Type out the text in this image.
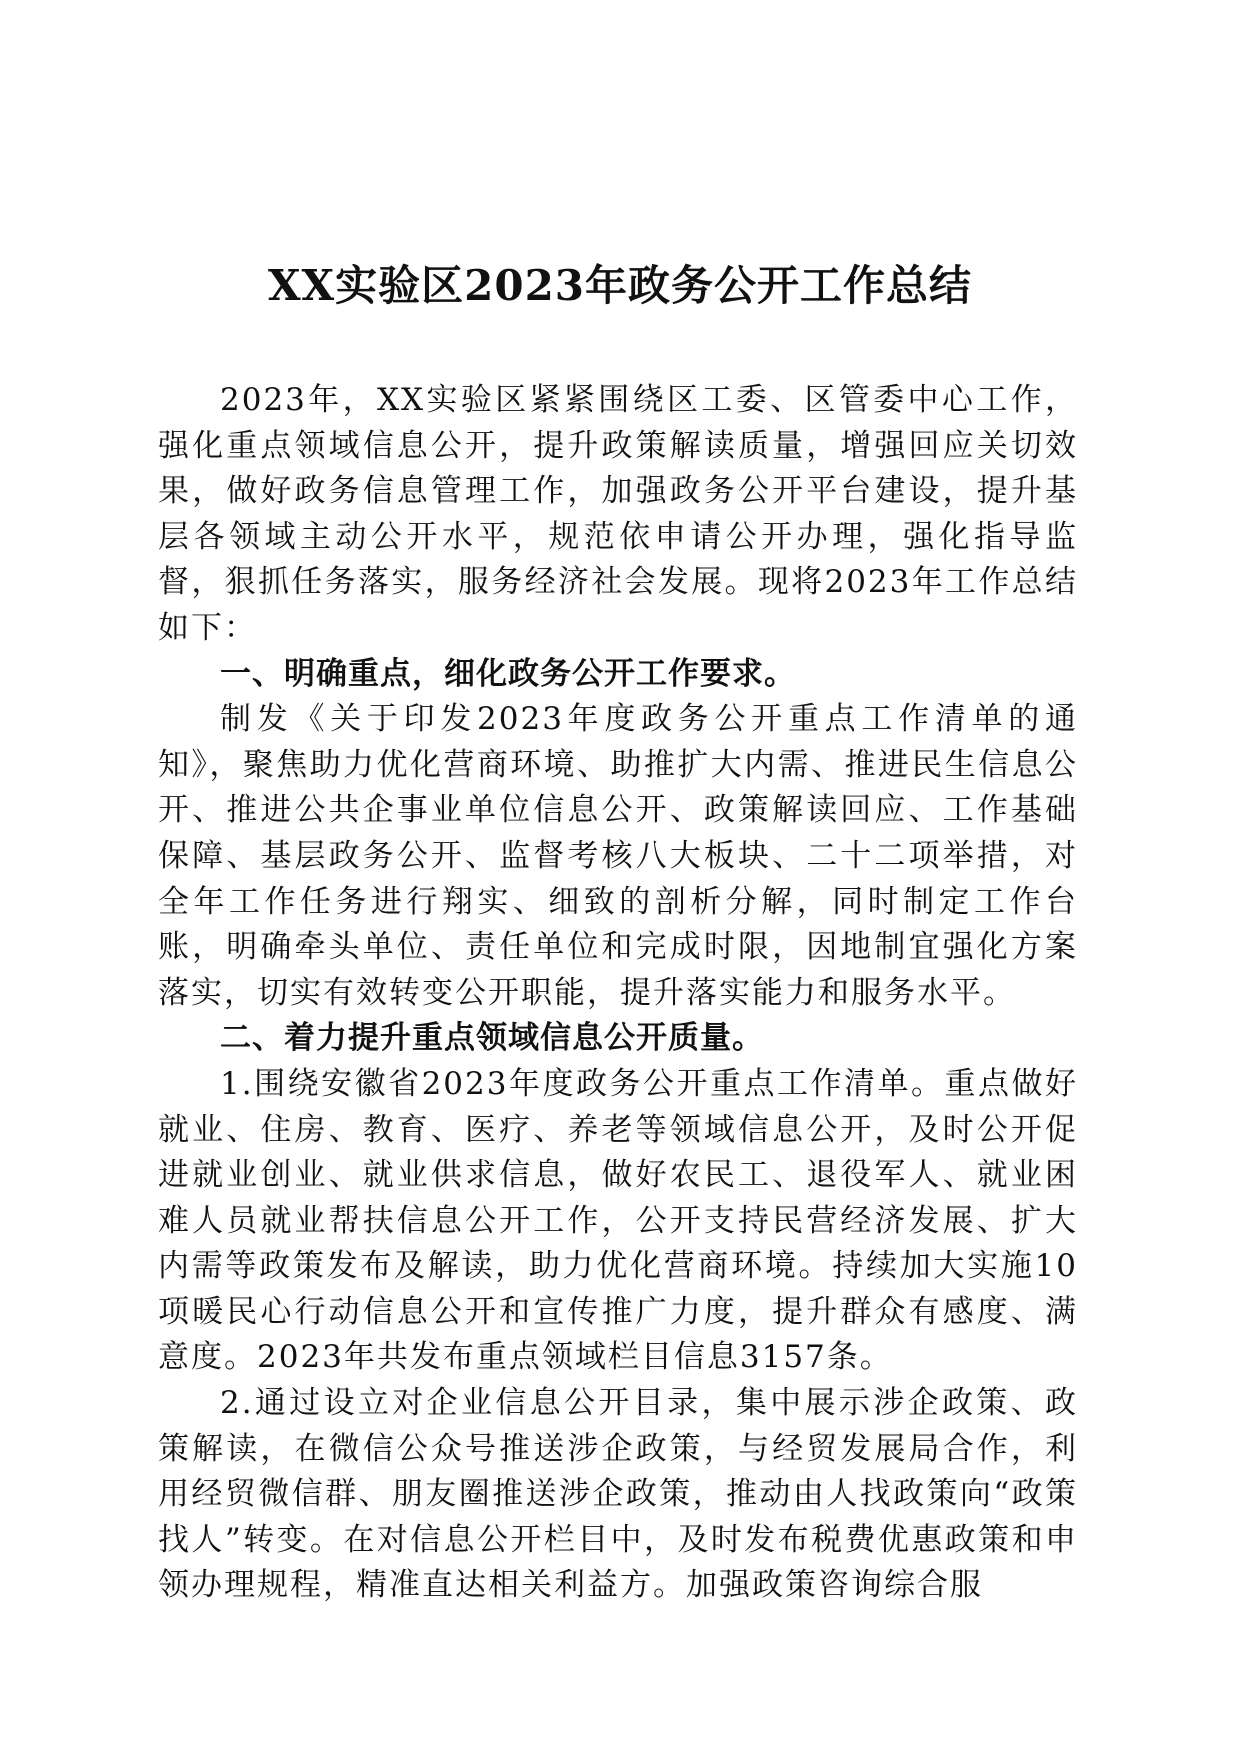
XX实验区2023年政务公开工作总结

2023年，XX实验区紧紧围绕区工委、区管委中心工作，强化重点领域信息公开，提升政策解读质量，增强回应关切效果，做好政务信息管理工作，加强政务公开平台建设，提升基层各领域主动公开水平，规范依申请公开办理，强化指导监督，狠抓任务落实，服务经济社会发展。现将2023年工作总结如下：

一、明确重点，细化政务公开工作要求。

制发《关于印发2023年度政务公开重点工作清单的通知》，聚焦助力优化营商环境、助推扩大内需、推进民生信息公开、推进公共企事业单位信息公开、政策解读回应、工作基础保障、基层政务公开、监督考核八大板块、二十二项举措，对全年工作任务进行翔实、细致的剖析分解，同时制定工作台账，明确牵头单位、责任单位和完成时限，因地制宜强化方案落实，切实有效转变公开职能，提升落实能力和服务水平。

二、着力提升重点领域信息公开质量。

1.围绕安徽省2023年度政务公开重点工作清单。重点做好就业、住房、教育、医疗、养老等领域信息公开，及时公开促进就业创业、就业供求信息，做好农民工、退役军人、就业困难人员就业帮扶信息公开工作，公开支持民营经济发展、扩大内需等政策发布及解读，助力优化营商环境。持续加大实施10项暖民心行动信息公开和宣传推广力度，提升群众有感度、满意度。2023年共发布重点领域栏目信息3157条。

2.通过设立对企业信息公开目录，集中展示涉企政策、政策解读，在微信公众号推送涉企政策，与经贸发展局合作，利用经贸微信群、朋友圈推送涉企政策，推动由人找政策向“政策找人”转变。在对信息公开栏目中，及时发布税费优惠政策和申领办理规程，精准直达相关利益方。加强政策咨询综合服
